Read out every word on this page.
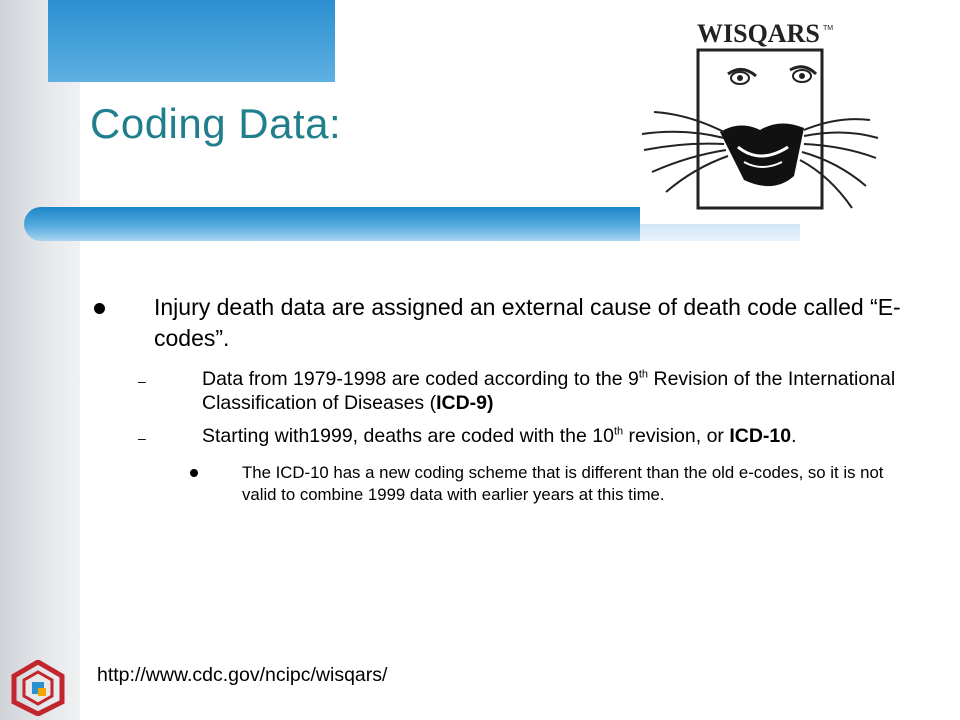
Coding Data:
WISQARS TM
Injury death data are assigned an external cause of death code called “E-codes”.
–	Data from 1979-1998 are coded according to the 9th Revision of the International Classification of Diseases (ICD-9)
–	Starting with1999, deaths are coded with the 10th revision, or ICD-10.
The ICD-10 has a new coding scheme that is different than the old e-codes, so it is not valid to combine 1999 data with earlier years at this time.
http://www.cdc.gov/ncipc/wisqars/
